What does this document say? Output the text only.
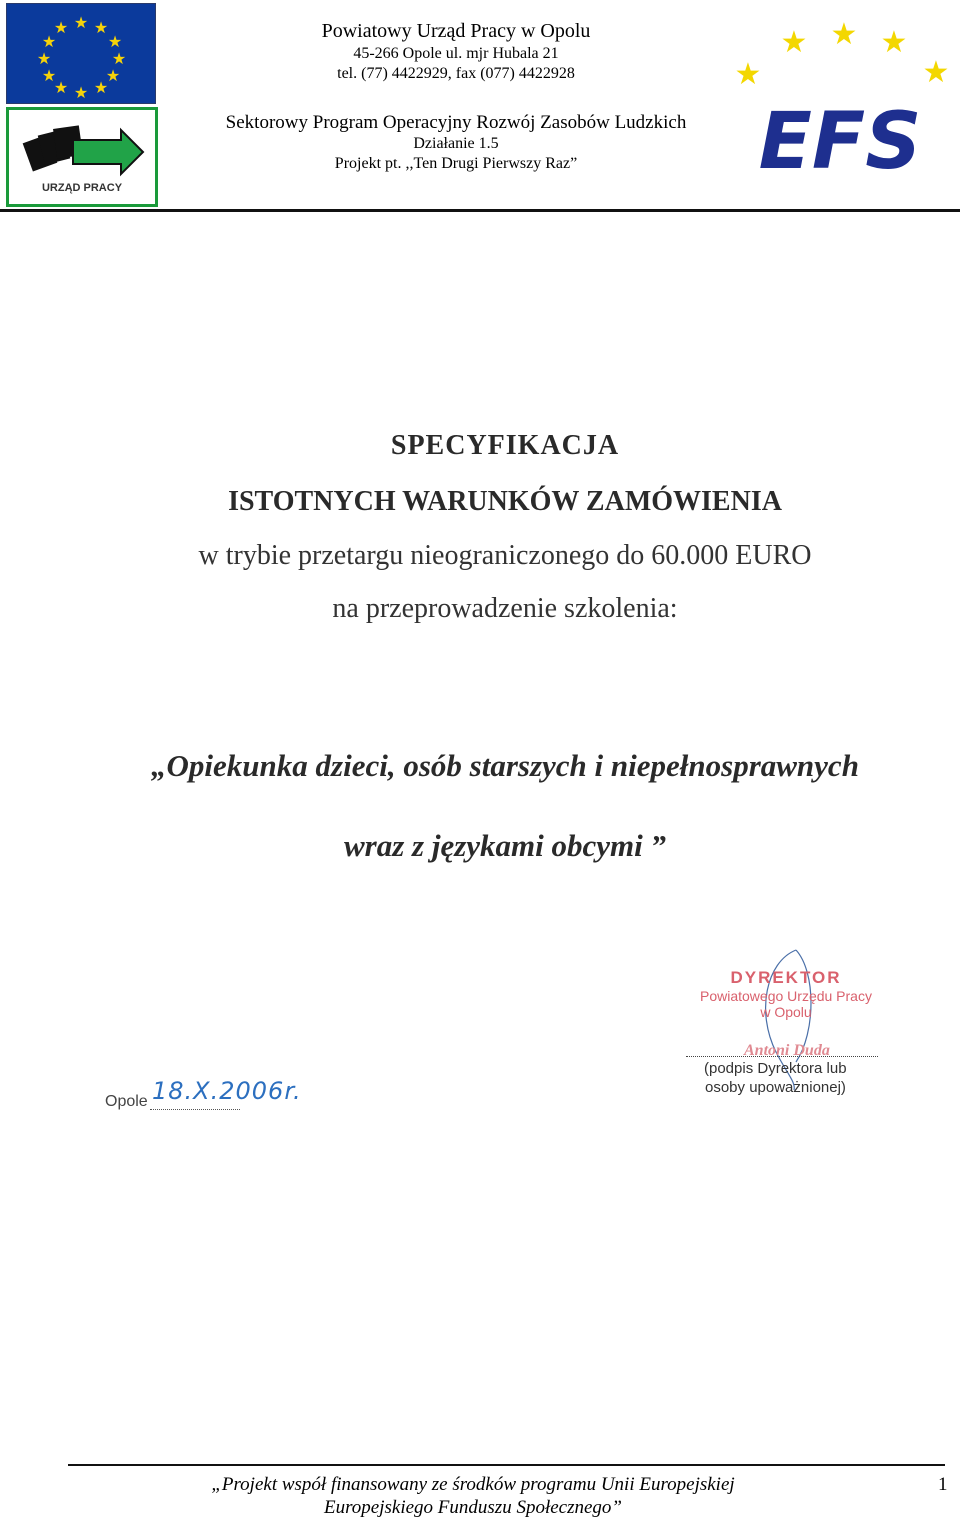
★ ★
★
★
★
★
★
★
★
★
★
★
URZĄD PRACY
★
★ ★ ★
★
EFS
Powiatowy Urząd Pracy w Opolu
45-266 Opole ul. mjr Hubala 21
tel. (77) 4422929, fax (077) 4422928
Sektorowy Program Operacyjny Rozwój Zasobów Ludzkich
Działanie 1.5
Projekt pt. ,,Ten Drugi Pierwszy Raz”
SPECYFIKACJA
ISTOTNYCH WARUNKÓW ZAMÓWIENIA
w trybie przetargu nieograniczonego do 60.000 EURO
na przeprowadzenie szkolenia:
„Opiekunka dzieci, osób starszych i niepełnosprawnych
wraz z językami obcymi ”
DYREKTOR
Powiatowego Urzędu Pracy
w Opolu
Antoni Duda
(podpis Dyrektora lub
osoby upoważnionej)
Opole 18.X.2006r.
„Projekt współ finansowany ze środków programu Unii Europejskiej
Europejskiego Funduszu Społecznego”
1
